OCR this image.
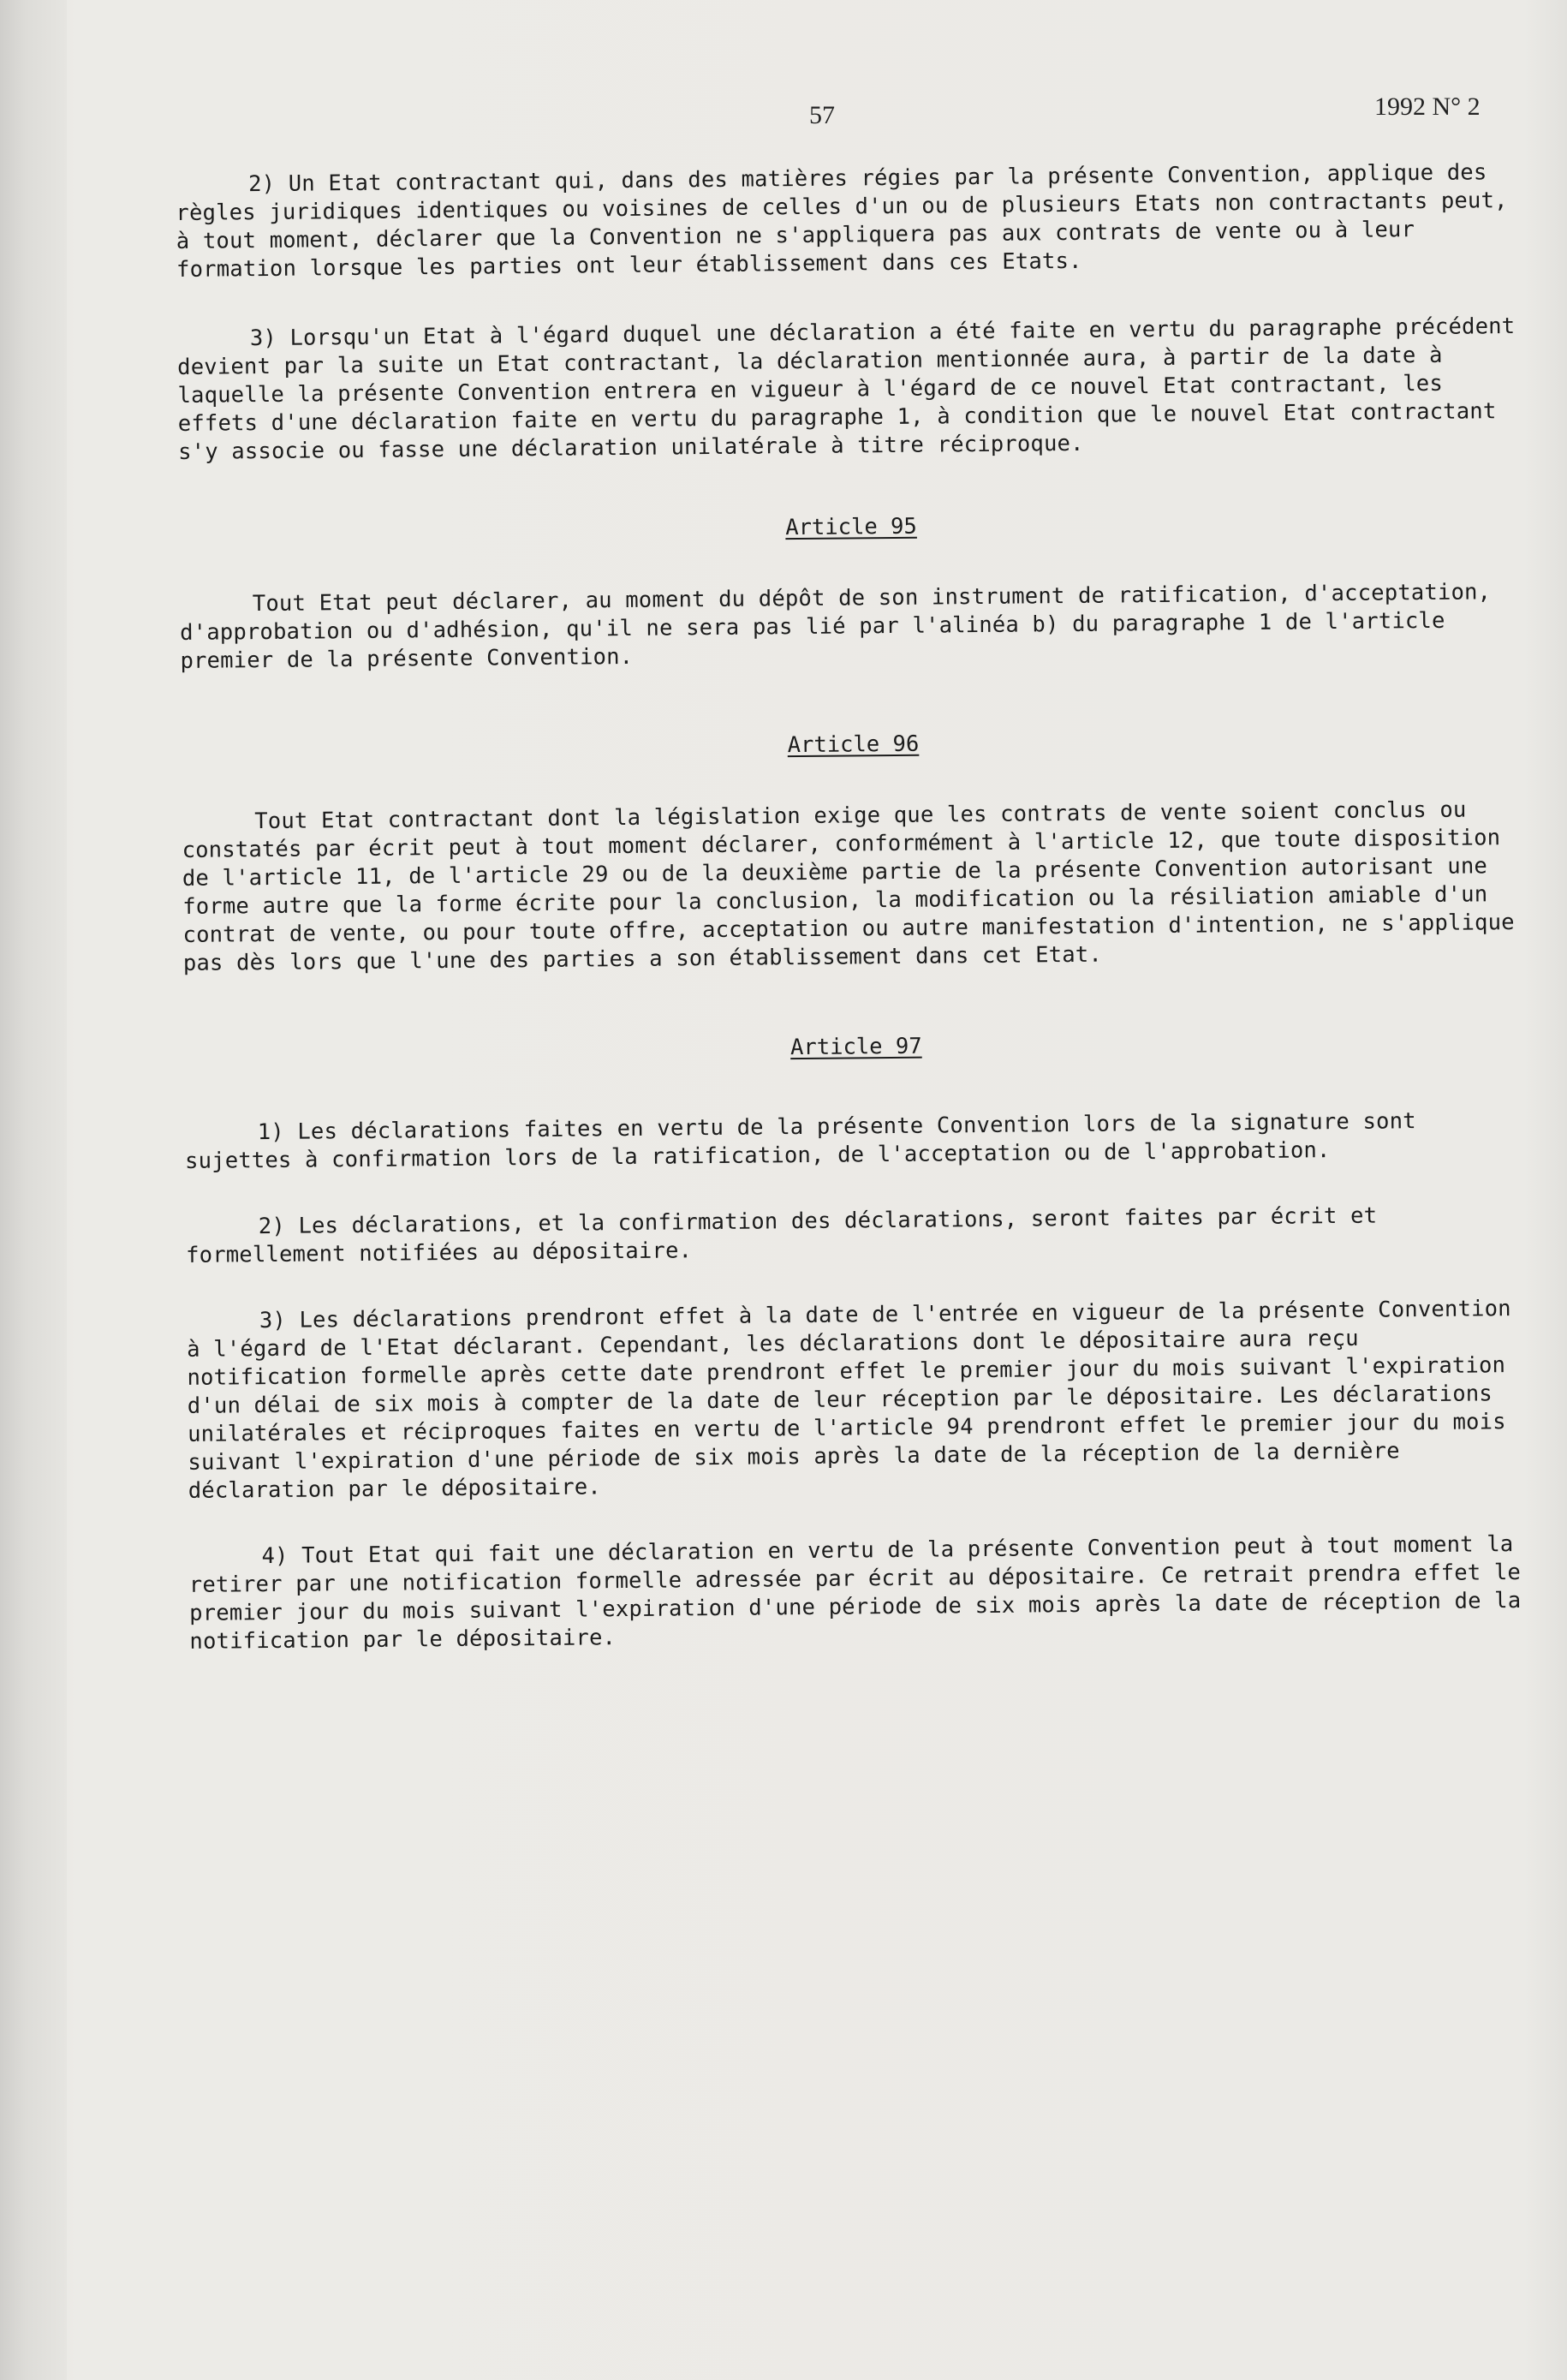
57	1992 N° 2

2) Un Etat contractant qui, dans des matières régies par la présente Convention, applique des règles juridiques identiques ou voisines de celles d'un ou de plusieurs Etats non contractants peut, à tout moment, déclarer que la Convention ne s'appliquera pas aux contrats de vente ou à leur formation lorsque les parties ont leur établissement dans ces Etats.

3) Lorsqu'un Etat à l'égard duquel une déclaration a été faite en vertu du paragraphe précédent devient par la suite un Etat contractant, la déclaration mentionnée aura, à partir de la date à laquelle la présente Convention entrera en vigueur à l'égard de ce nouvel Etat contractant, les effets d'une déclaration faite en vertu du paragraphe 1, à condition que le nouvel Etat contractant s'y associe ou fasse une déclaration unilatérale à titre réciproque.

Article 95

Tout Etat peut déclarer, au moment du dépôt de son instrument de ratification, d'acceptation, d'approbation ou d'adhésion, qu'il ne sera pas lié par l'alinéa b) du paragraphe 1 de l'article premier de la présente Convention.

Article 96

Tout Etat contractant dont la législation exige que les contrats de vente soient conclus ou constatés par écrit peut à tout moment déclarer, conformément à l'article 12, que toute disposition de l'article 11, de l'article 29 ou de la deuxième partie de la présente Convention autorisant une forme autre que la forme écrite pour la conclusion, la modification ou la résiliation amiable d'un contrat de vente, ou pour toute offre, acceptation ou autre manifestation d'intention, ne s'applique pas dès lors que l'une des parties a son établissement dans cet Etat.

Article 97

1) Les déclarations faites en vertu de la présente Convention lors de la signature sont sujettes à confirmation lors de la ratification, de l'acceptation ou de l'approbation.

2) Les déclarations, et la confirmation des déclarations, seront faites par écrit et formellement notifiées au dépositaire.

3) Les déclarations prendront effet à la date de l'entrée en vigueur de la présente Convention à l'égard de l'Etat déclarant. Cependant, les déclarations dont le dépositaire aura reçu notification formelle après cette date prendront effet le premier jour du mois suivant l'expiration d'un délai de six mois à compter de la date de leur réception par le dépositaire. Les déclarations unilatérales et réciproques faites en vertu de l'article 94 prendront effet le premier jour du mois suivant l'expiration d'une période de six mois après la date de la réception de la dernière déclaration par le dépositaire.

4) Tout Etat qui fait une déclaration en vertu de la présente Convention peut à tout moment la retirer par une notification formelle adressée par écrit au dépositaire. Ce retrait prendra effet le premier jour du mois suivant l'expiration d'une période de six mois après la date de réception de la notification par le dépositaire.
